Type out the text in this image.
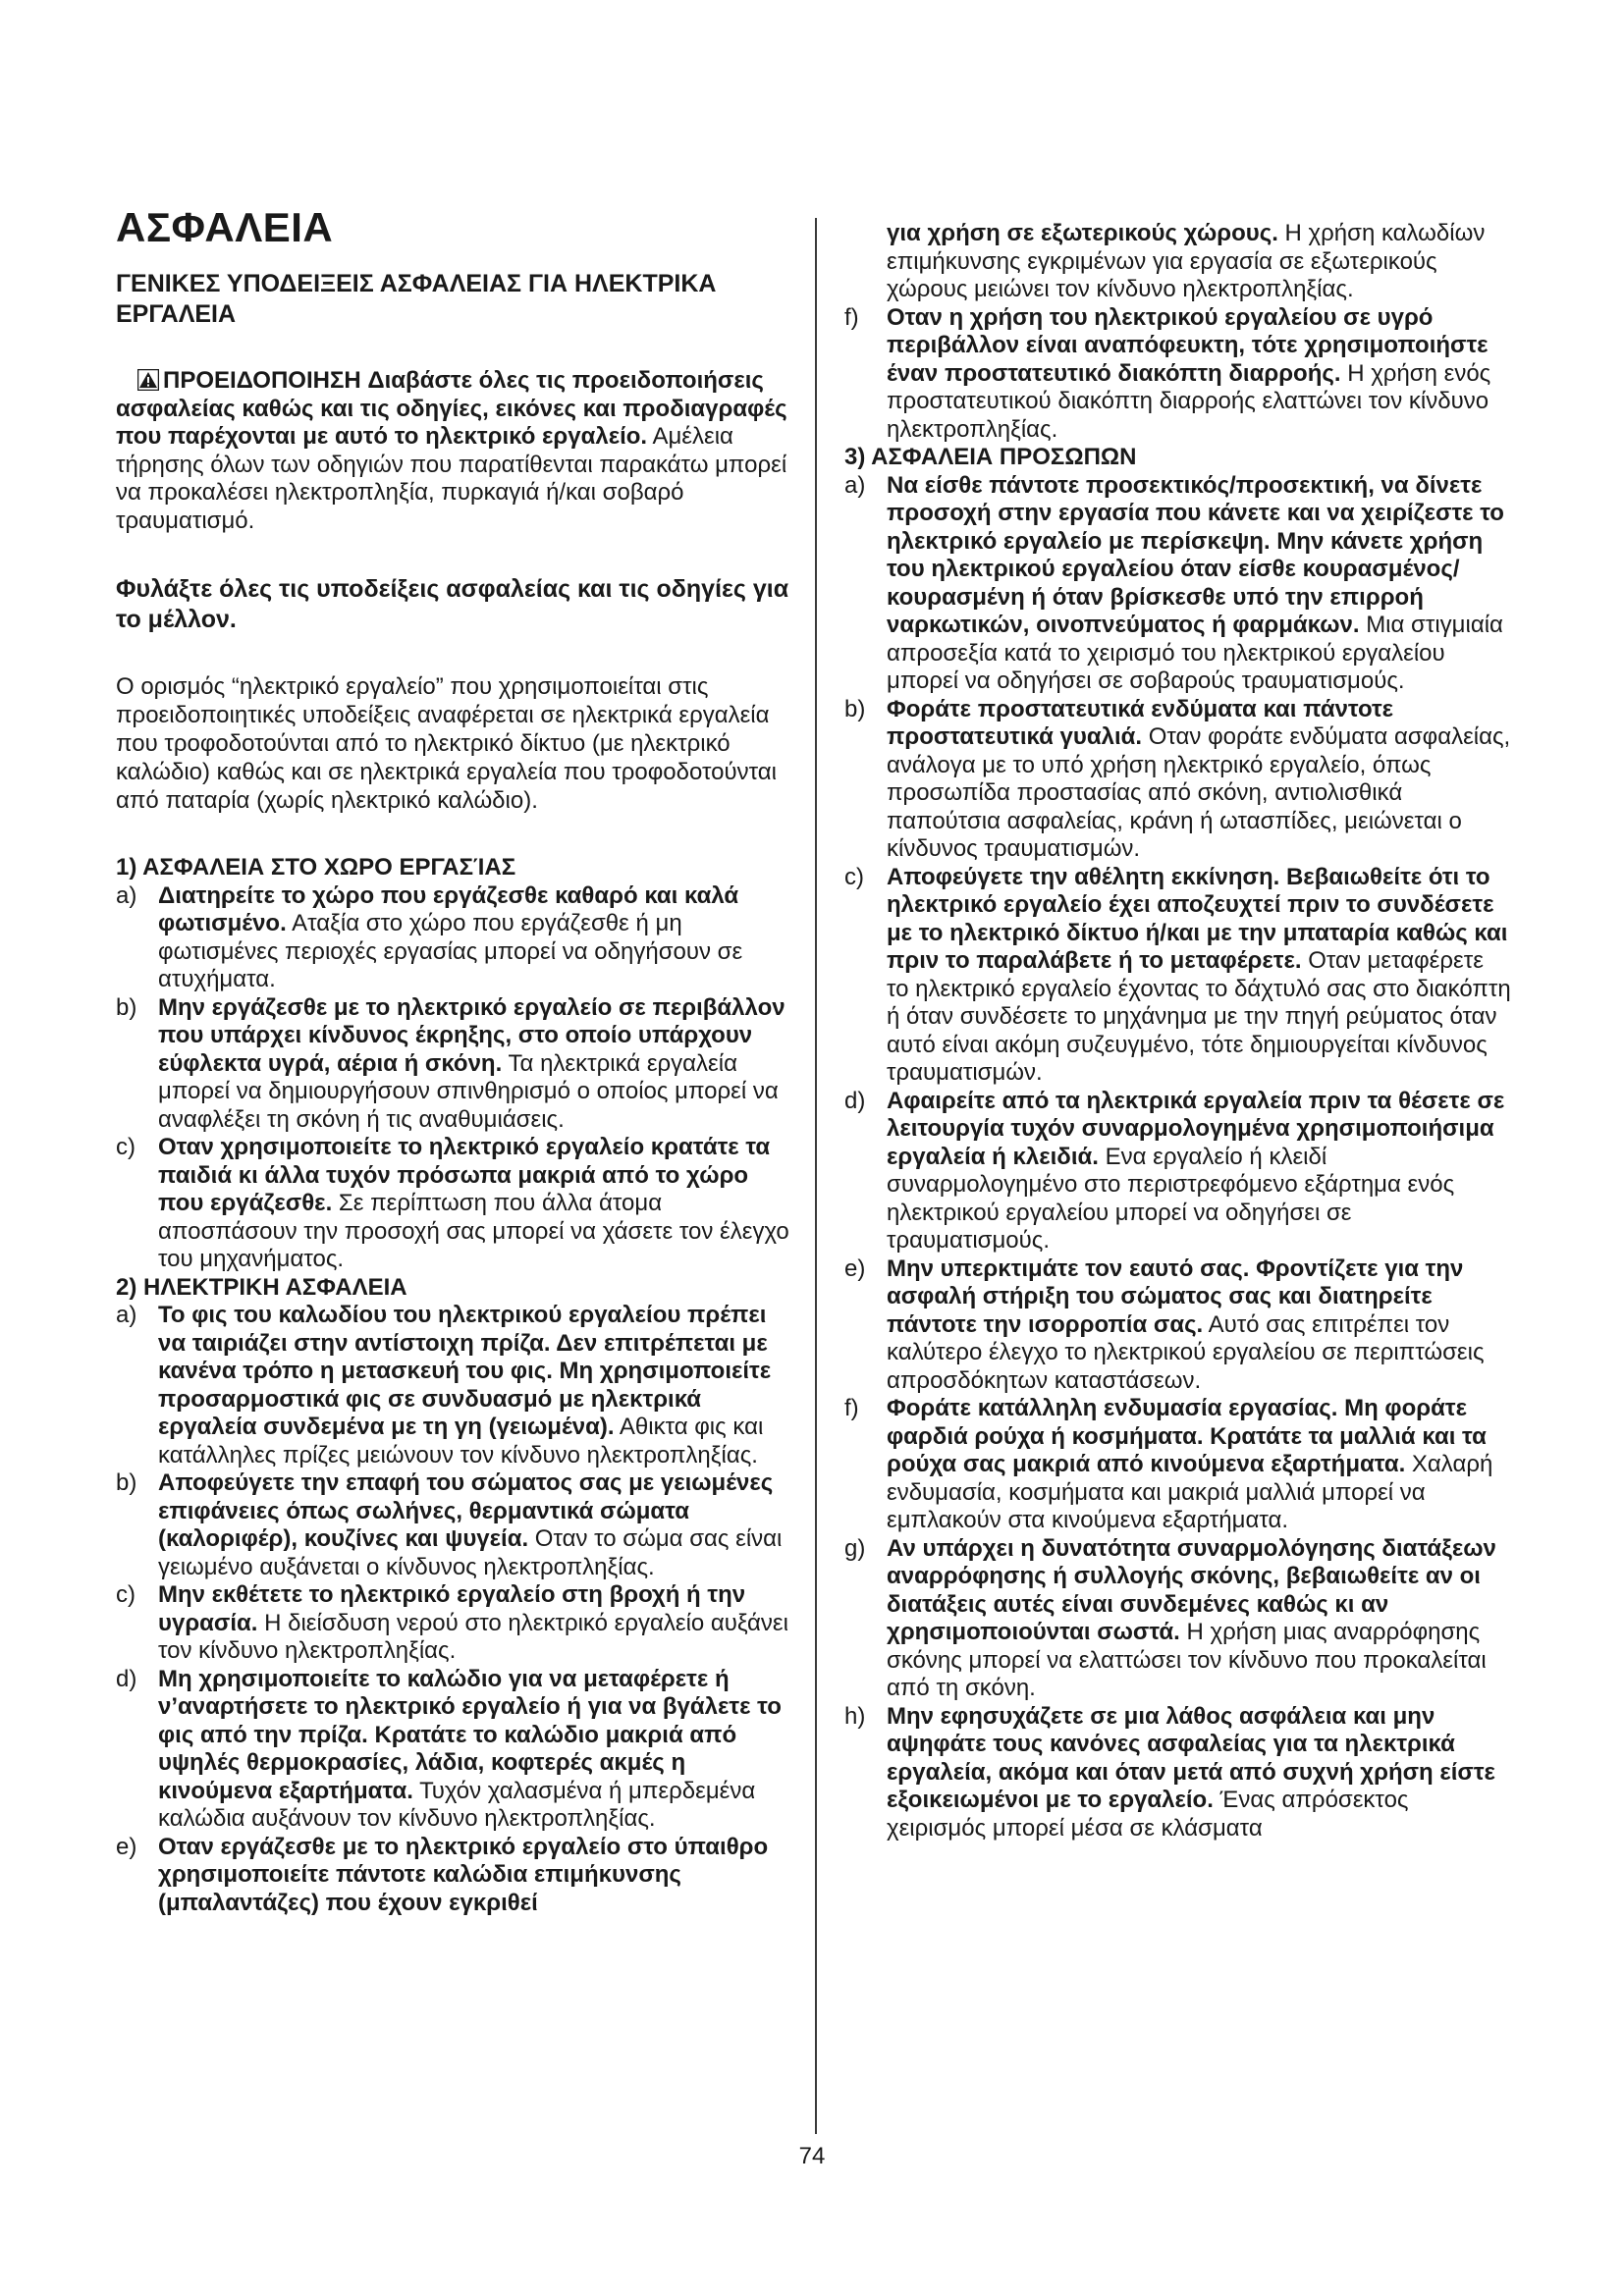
ΑΣΦΑΛΕΙΑ
ΓΕΝΙΚΕΣ ΥΠΟΔΕΙΞΕΙΣ ΑΣΦΑΛΕΙΑΣ ΓΙΑ ΗΛΕΚΤΡΙΚΑ ΕΡΓΑΛΕΙΑ
ΠΡΟΕΙΔΟΠΟΙΗΣΗ Διαβάστε όλες τις προειδοποιήσεις ασφαλείας καθώς και τις οδηγίες, εικόνες και προδιαγραφές που παρέχονται με αυτό το ηλεκτρικό εργαλείο. Αμέλεια τήρησης όλων των οδηγιών που παρατίθενται παρακάτω μπορεί να προκαλέσει ηλεκτροπληξία, πυρκαγιά ή/και σοβαρό τραυματισμό.
Φυλάξτε όλες τις υποδείξεις ασφαλείας και τις οδηγίες για το μέλλον.
Ο ορισμός “ηλεκτρικό εργαλείο” που χρησιμοποιείται στις προειδοποιητικές υποδείξεις αναφέρεται σε ηλεκτρικά εργαλεία που τροφοδοτούνται από το ηλεκτρικό δίκτυο (με ηλεκτρικό καλώδιο) καθώς και σε ηλεκτρικά εργαλεία που τροφοδοτούνται από παταρία (χωρίς ηλεκτρικό καλώδιο).
1) ΑΣΦΑΛΕΙΑ ΣΤΟ ΧΩΡΟ ΕΡΓΑΣΊΑΣ
a) Διατηρείτε το χώρο που εργάζεσθε καθαρό και καλά φωτισμένο. Αταξία στο χώρο που εργάζεσθε ή μη φωτισμένες περιοχές εργασίας μπορεί να οδηγήσουν σε ατυχήματα.
b) Μην εργάζεσθε με το ηλεκτρικό εργαλείο σε περιβάλλον που υπάρχει κίνδυνος έκρηξης, στο οποίο υπάρχουν εύφλεκτα υγρά, αέρια ή σκόνη. Τα ηλεκτρικά εργαλεία μπορεί να δημιουργήσουν σπινθηρισμό ο οποίος μπορεί να αναφλέξει τη σκόνη ή τις αναθυμιάσεις.
c) Οταν χρησιμοποιείτε το ηλεκτρικό εργαλείο κρατάτε τα παιδιά κι άλλα τυχόν πρόσωπα μακριά από το χώρο που εργάζεσθε. Σε περίπτωση που άλλα άτομα αποσπάσουν την προσοχή σας μπορεί να χάσετε τον έλεγχο του μηχανήματος.
2) ΗΛΕΚΤΡΙΚΗ ΑΣΦΑΛΕΙΑ
a) Το φις του καλωδίου του ηλεκτρικού εργαλείου πρέπει να ταιριάζει στην αντίστοιχη πρίζα. Δεν επιτρέπεται με κανένα τρόπο η μετασκευή του φις. Μη χρησιμοποιείτε προσαρμοστικά φις σε συνδυασμό με ηλεκτρικά εργαλεία συνδεμένα με τη γη (γειωμένα). Αθικτα φις και κατάλληλες πρίζες μειώνουν τον κίνδυνο ηλεκτροπληξίας.
b) Αποφεύγετε την επαφή του σώματος σας με γειωμένες επιφάνειες όπως σωλήνες, θερμαντικά σώματα (καλοριφέρ), κουζίνες και ψυγεία. Οταν το σώμα σας είναι γειωμένο αυξάνεται ο κίνδυνος ηλεκτροπληξίας.
c) Μην εκθέτετε το ηλεκτρικό εργαλείο στη βροχή ή την υγρασία. Η διείσδυση νερού στο ηλεκτρικό εργαλείο αυξάνει τον κίνδυνο ηλεκτροπληξίας.
d) Μη χρησιμοποιείτε το καλώδιο για να μεταφέρετε ή ν’αναρτήσετε το ηλεκτρικό εργαλείο ή για να βγάλετε το φις από την πρίζα. Κρατάτε το καλώδιο μακριά από υψηλές θερμοκρασίες, λάδια, κοφτερές ακμές η κινούμενα εξαρτήματα. Τυχόν χαλασμένα ή μπερδεμένα καλώδια αυξάνουν τον κίνδυνο ηλεκτροπληξίας.
e) Οταν εργάζεσθε με το ηλεκτρικό εργαλείο στο ύπαιθρο χρησιμοποιείτε πάντοτε καλώδια επιμήκυνσης (μπαλαντάζες) που έχουν εγκριθεί
για χρήση σε εξωτερικούς χώρους. Η χρήση καλωδίων επιμήκυνσης εγκριμένων για εργασία σε εξωτερικούς χώρους μειώνει τον κίνδυνο ηλεκτροπληξίας.
f) Οταν η χρήση του ηλεκτρικού εργαλείου σε υγρό περιβάλλον είναι αναπόφευκτη, τότε χρησιμοποιήστε έναν προστατευτικό διακόπτη διαρροής. Η χρήση ενός προστατευτικού διακόπτη διαρροής ελαττώνει τον κίνδυνο ηλεκτροπληξίας.
3) ΑΣΦΑΛΕΙΑ ΠΡΟΣΩΠΩΝ
a) Να είσθε πάντοτε προσεκτικός/προσεκτική, να δίνετε προσοχή στην εργασία που κάνετε και να χειρίζεστε το ηλεκτρικό εργαλείο με περίσκεψη. Μην κάνετε χρήση του ηλεκτρικού εργαλείου όταν είσθε κουρασμένος/κουρασμένη ή όταν βρίσκεσθε υπό την επιρροή ναρκωτικών, οινοπνεύματος ή φαρμάκων. Μια στιγμιαία απροσεξία κατά το χειρισμό του ηλεκτρικού εργαλείου μπορεί να οδηγήσει σε σοβαρούς τραυματισμούς.
b) Φοράτε προστατευτικά ενδύματα και πάντοτε προστατευτικά γυαλιά. Οταν φοράτε ενδύματα ασφαλείας, ανάλογα με το υπό χρήση ηλεκτρικό εργαλείο, όπως προσωπίδα προστασίας από σκόνη, αντιολισθικά παπούτσια ασφαλείας, κράνη ή ωτασπίδες, μειώνεται ο κίνδυνος τραυματισμών.
c) Αποφεύγετε την αθέλητη εκκίνηση. Βεβαιωθείτε ότι το ηλεκτρικό εργαλείο έχει αποζευχτεί πριν το συνδέσετε με το ηλεκτρικό δίκτυο ή/και με την μπαταρία καθώς και πριν το παραλάβετε ή το μεταφέρετε. Οταν μεταφέρετε το ηλεκτρικό εργαλείο έχοντας το δάχτυλό σας στο διακόπτη ή όταν συνδέσετε το μηχάνημα με την πηγή ρεύματος όταν αυτό είναι ακόμη συζευγμένο, τότε δημιουργείται κίνδυνος τραυματισμών.
d) Αφαιρείτε από τα ηλεκτρικά εργαλεία πριν τα θέσετε σε λειτουργία τυχόν συναρμολογημένα χρησιμοποιήσιμα εργαλεία ή κλειδιά. Ενα εργαλείο ή κλειδί συναρμολογημένο στο περιστρεφόμενο εξάρτημα ενός ηλεκτρικού εργαλείου μπορεί να οδηγήσει σε τραυματισμούς.
e) Μην υπερκτιμάτε τον εαυτό σας. Φροντίζετε για την ασφαλή στήριξη του σώματος σας και διατηρείτε πάντοτε την ισορροπία σας. Αυτό σας επιτρέπει τον καλύτερο έλεγχο το ηλεκτρικού εργαλείου σε περιπτώσεις απροσδόκητων καταστάσεων.
f) Φοράτε κατάλληλη ενδυμασία εργασίας. Μη φοράτε φαρδιά ρούχα ή κοσμήματα. Κρατάτε τα μαλλιά και τα ρούχα σας μακριά από κινούμενα εξαρτήματα. Χαλαρή ενδυμασία, κοσμήματα και μακριά μαλλιά μπορεί να εμπλακούν στα κινούμενα εξαρτήματα.
g) Αν υπάρχει η δυνατότητα συναρμολόγησης διατάξεων αναρρόφησης ή συλλογής σκόνης, βεβαιωθείτε αν οι διατάξεις αυτές είναι συνδεμένες καθώς κι αν χρησιμοποιούνται σωστά. Η χρήση μιας αναρρόφησης σκόνης μπορεί να ελαττώσει τον κίνδυνο που προκαλείται από τη σκόνη.
h) Μην εφησυχάζετε σε μια λάθος ασφάλεια και μην αψηφάτε τους κανόνες ασφαλείας για τα ηλεκτρικά εργαλεία, ακόμα και όταν μετά από συχνή χρήση είστε εξοικειωμένοι με το εργαλείο. Ένας απρόσεκτος χειρισμός μπορεί μέσα σε κλάσματα
74
